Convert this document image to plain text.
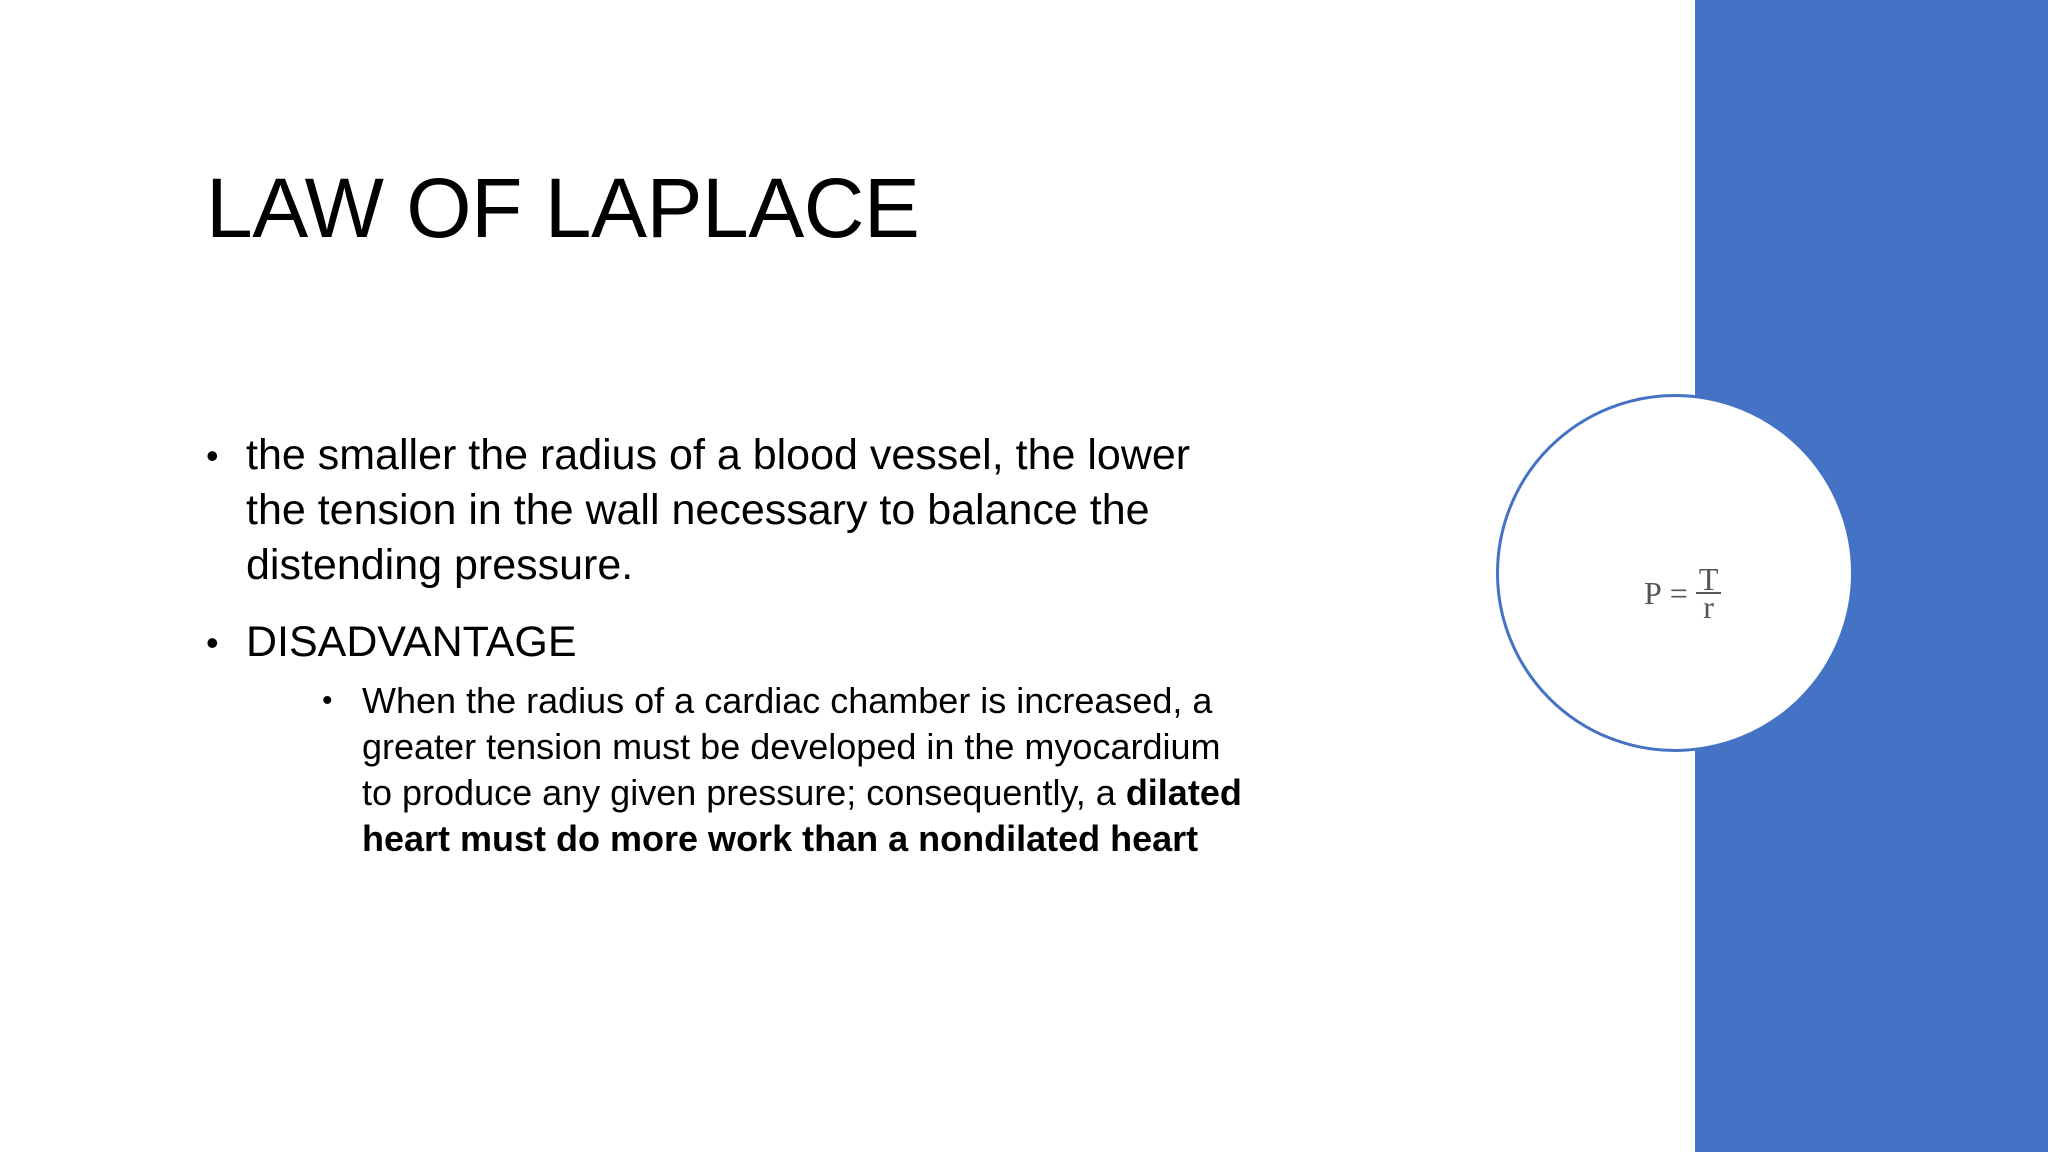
LAW OF LAPLACE
• the smaller the radius of a blood vessel, the lower the tension in the wall necessary to balance the distending pressure.
• DISADVANTAGE
• When the radius of a cardiac chamber is increased, a greater tension must be developed in the myocardium to produce any given pressure; consequently, a dilated heart must do more work than a nondilated heart
$P = \frac{T}{r}$
